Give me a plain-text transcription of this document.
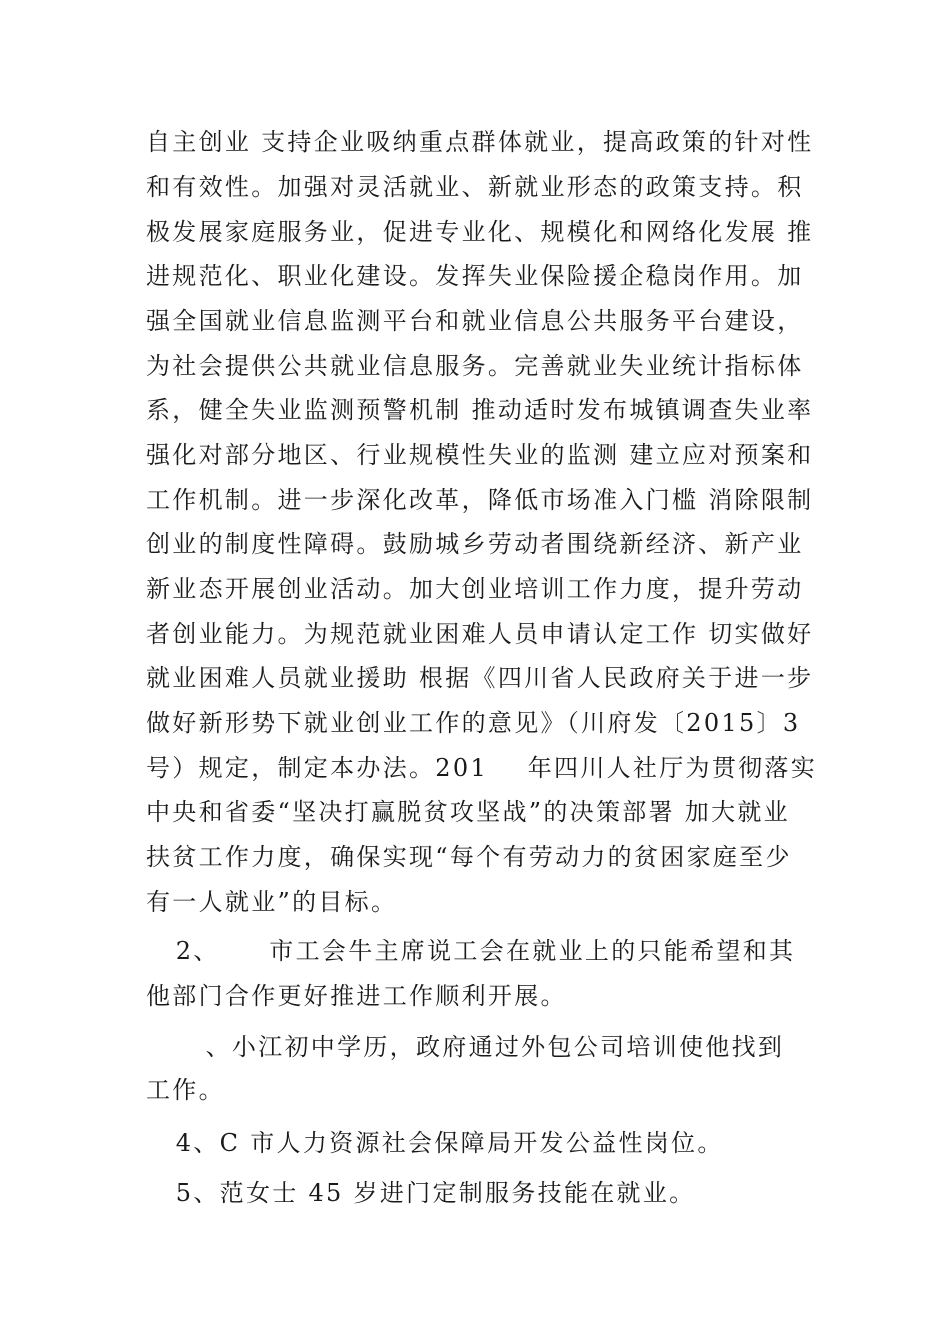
自主创业 支持企业吸纳重点群体就业，提高政策的针对性
和有效性。加强对灵活就业、新就业形态的政策支持。积
极发展家庭服务业，促进专业化、规模化和网络化发展 推
进规范化、职业化建设。发挥失业保险援企稳岗作用。加
强全国就业信息监测平台和就业信息公共服务平台建设，
为社会提供公共就业信息服务。完善就业失业统计指标体
系，健全失业监测预警机制 推动适时发布城镇调查失业率
强化对部分地区、行业规模性失业的监测 建立应对预案和
工作机制。进一步深化改革，降低市场准入门槛 消除限制
创业的制度性障碍。鼓励城乡劳动者围绕新经济、新产业
新业态开展创业活动。加大创业培训工作力度，提升劳动
者创业能力。为规范就业困难人员申请认定工作 切实做好
就业困难人员就业援助 根据《四川省人民政府关于进一步
做好新形势下就业创业工作的意见》（川府发〔2015〕3
号）规定，制定本办法。201    年四川人社厅为贯彻落实
中央和省委“坚决打赢脱贫攻坚战”的决策部署 加大就业
扶贫工作力度，确保实现“每个有劳动力的贫困家庭至少
有一人就业”的目标。
2、     市工会牛主席说工会在就业上的只能希望和其
他部门合作更好推进工作顺利开展。
、小江初中学历，政府通过外包公司培训使他找到
工作。
4、C 市人力资源社会保障局开发公益性岗位。
5、范女士 45 岁进门定制服务技能在就业。
